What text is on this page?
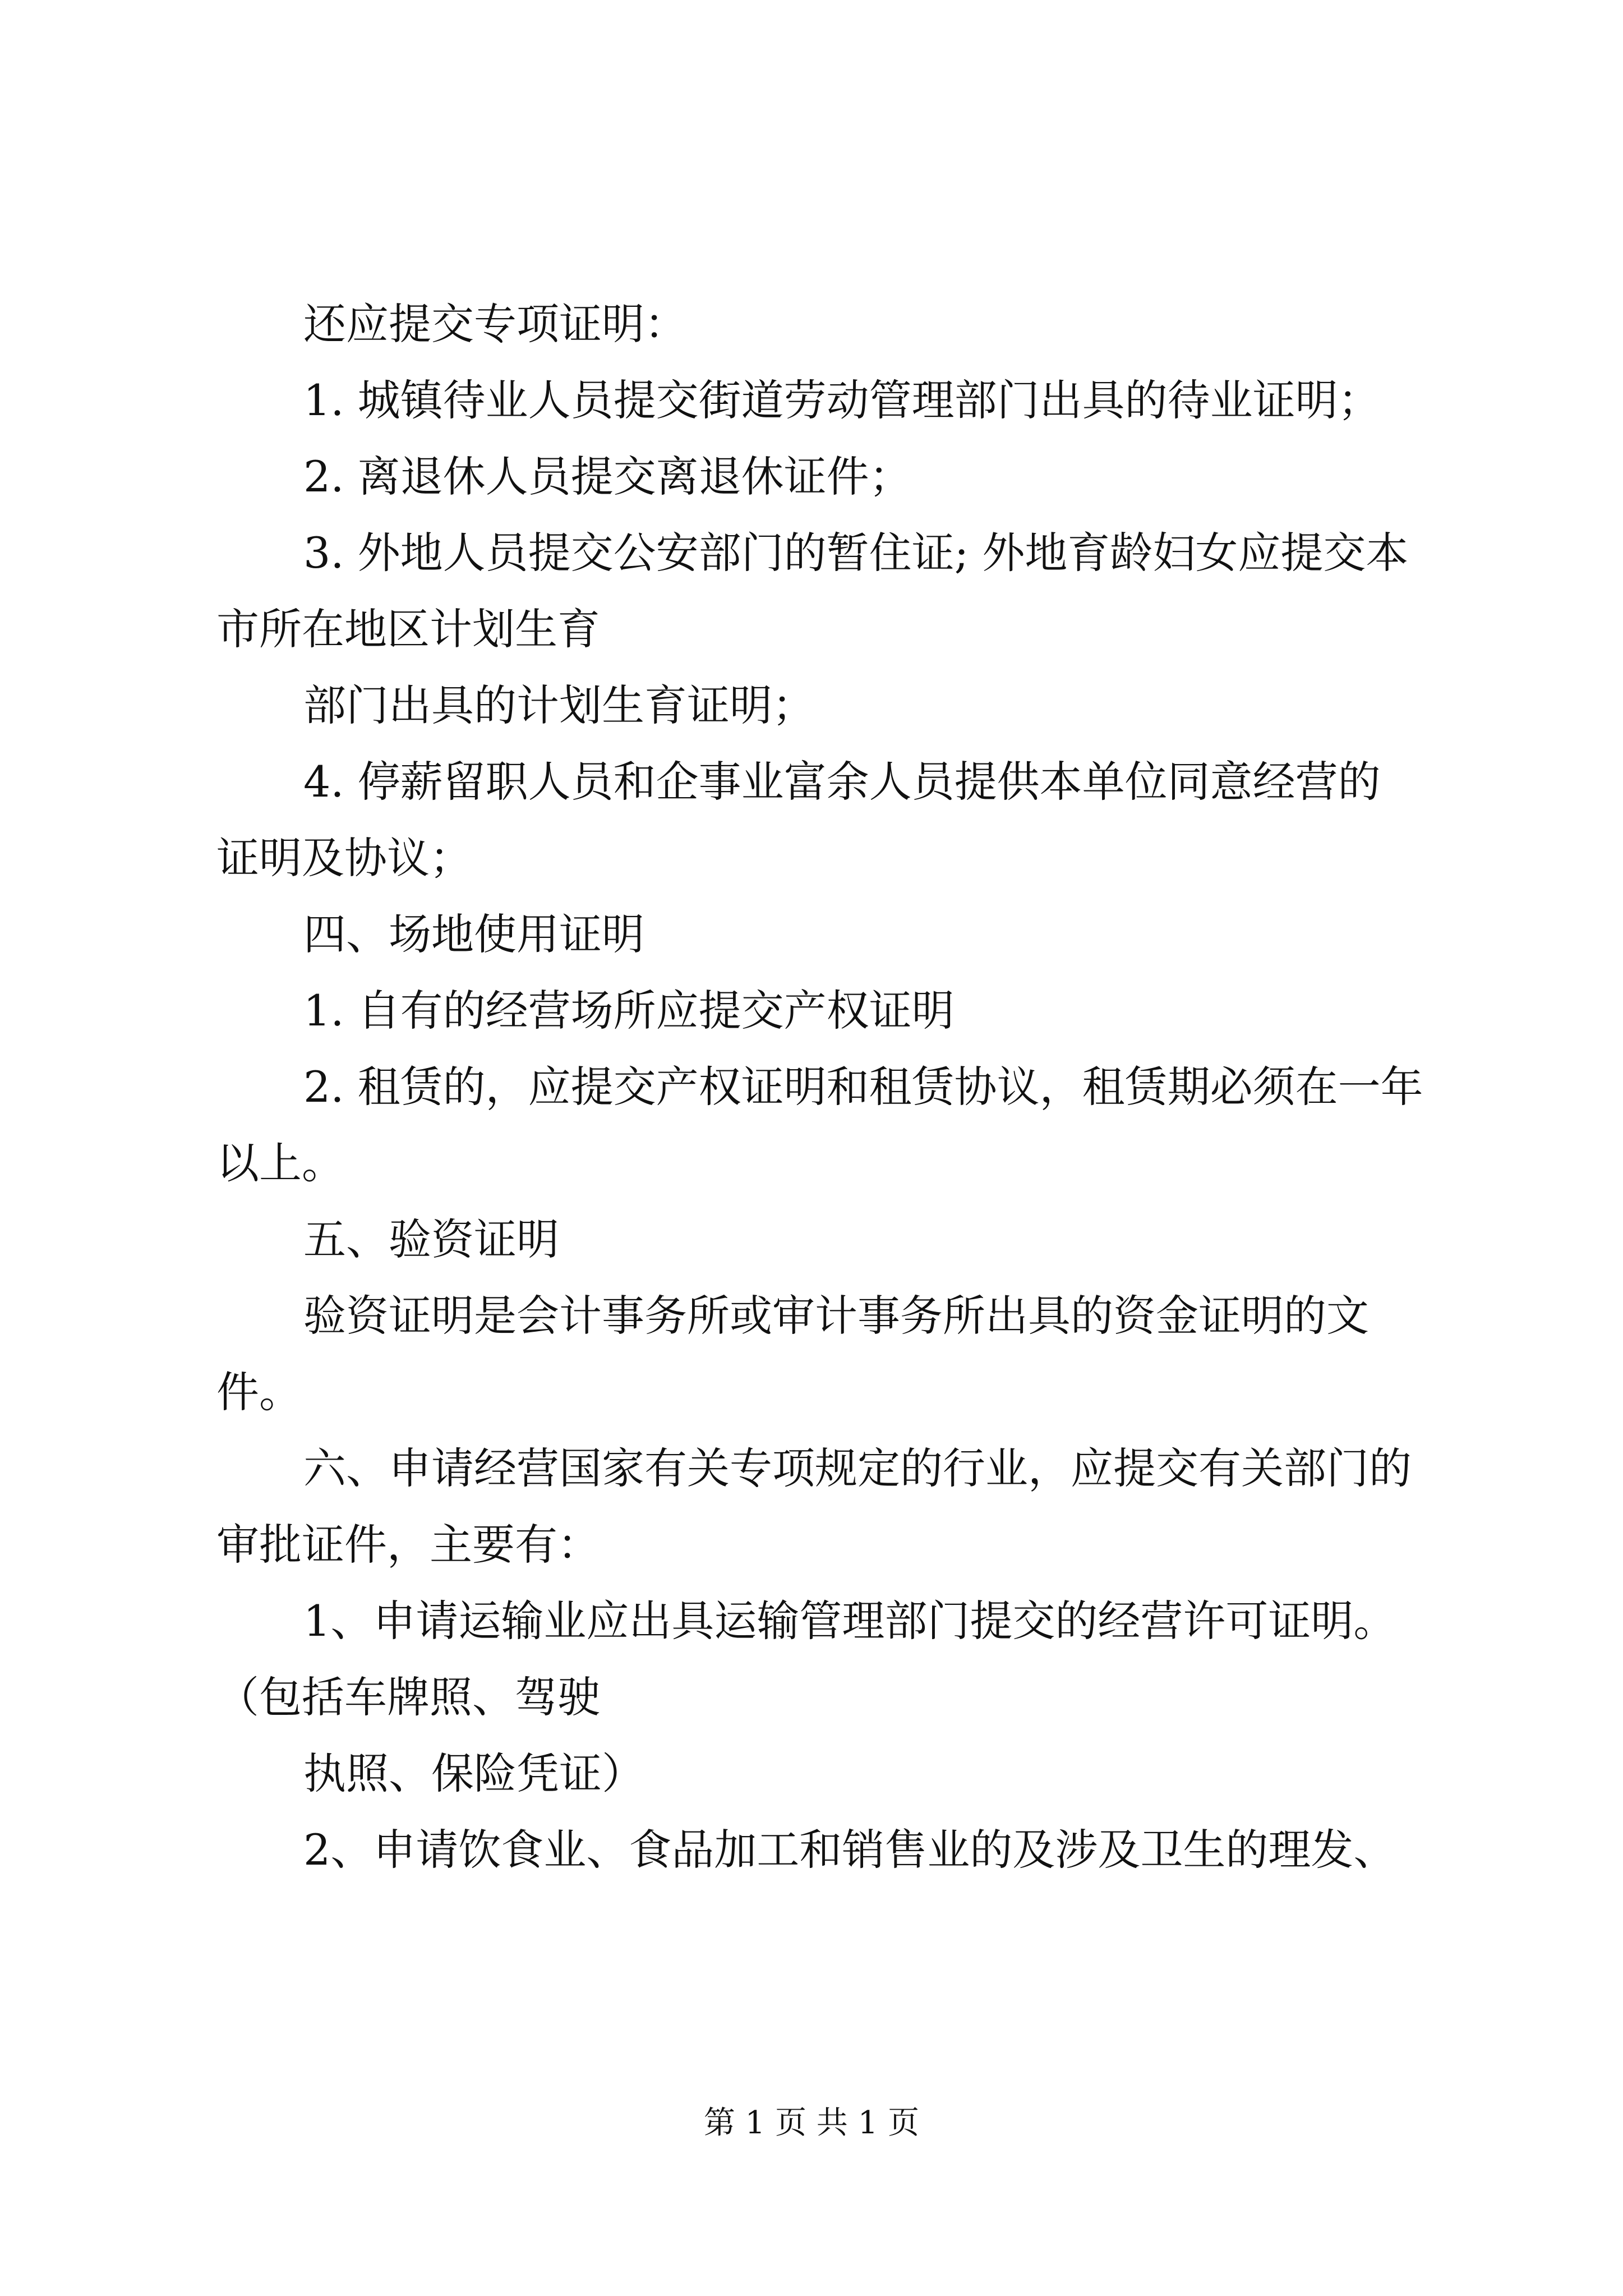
还应提交专项证明：
1. 城镇待业人员提交街道劳动管理部门出具的待业证明；
2. 离退休人员提交离退休证件；
3. 外地人员提交公安部门的暂住证; 外地育龄妇女应提交本
市所在地区计划生育
部门出具的计划生育证明；
4. 停薪留职人员和企事业富余人员提供本单位同意经营的
证明及协议；
四、场地使用证明
1. 自有的经营场所应提交产权证明
2. 租赁的，应提交产权证明和租赁协议，租赁期必须在一年
以上。
五、验资证明
验资证明是会计事务所或审计事务所出具的资金证明的文
件。
六、申请经营国家有关专项规定的行业，应提交有关部门的
审批证件，主要有：
1、申请运输业应出具运输管理部门提交的经营许可证明。
（包括车牌照、驾驶
执照、保险凭证）
2、申请饮食业、食品加工和销售业的及涉及卫生的理发、
第 1 页 共 1 页
